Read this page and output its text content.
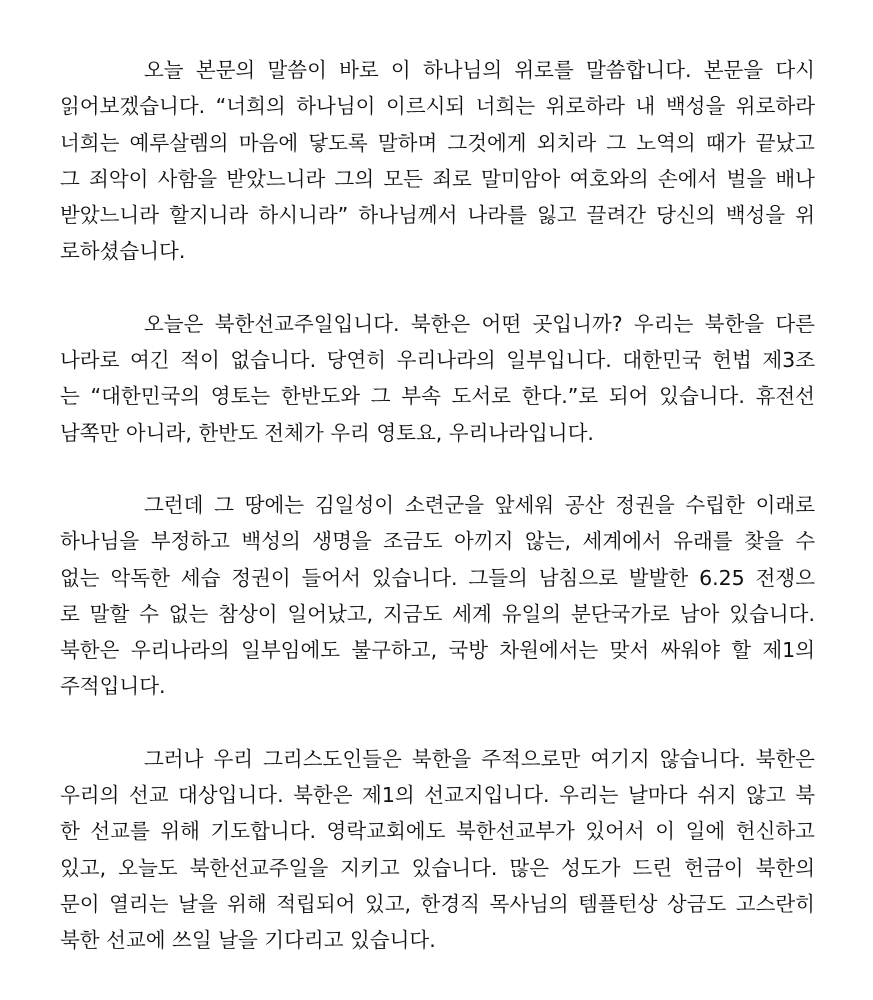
오늘 본문의 말씀이 바로 이 하나님의 위로를 말씀합니다. 본문을 다시
읽어보겠습니다. “너희의 하나님이 이르시되 너희는 위로하라 내 백성을 위로하라
너희는 예루살렘의 마음에 닿도록 말하며 그것에게 외치라 그 노역의 때가 끝났고
그 죄악이 사함을 받았느니라 그의 모든 죄로 말미암아 여호와의 손에서 벌을 배나
받았느니라 할지니라 하시니라” 하나님께서 나라를 잃고 끌려간 당신의 백성을 위
로하셨습니다.
오늘은 북한선교주일입니다. 북한은 어떤 곳입니까? 우리는 북한을 다른
나라로 여긴 적이 없습니다. 당연히 우리나라의 일부입니다. 대한민국 헌법 제3조
는 “대한민국의 영토는 한반도와 그 부속 도서로 한다.”로 되어 있습니다. 휴전선
남쪽만 아니라, 한반도 전체가 우리 영토요, 우리나라입니다.
그런데 그 땅에는 김일성이 소련군을 앞세워 공산 정권을 수립한 이래로
하나님을 부정하고 백성의 생명을 조금도 아끼지 않는, 세계에서 유래를 찾을 수
없는 악독한 세습 정권이 들어서 있습니다. 그들의 남침으로 발발한 6.25 전쟁으
로 말할 수 없는 참상이 일어났고, 지금도 세계 유일의 분단국가로 남아 있습니다.
북한은 우리나라의 일부임에도 불구하고, 국방 차원에서는 맞서 싸워야 할 제1의
주적입니다.
그러나 우리 그리스도인들은 북한을 주적으로만 여기지 않습니다. 북한은
우리의 선교 대상입니다. 북한은 제1의 선교지입니다. 우리는 날마다 쉬지 않고 북
한 선교를 위해 기도합니다. 영락교회에도 북한선교부가 있어서 이 일에 헌신하고
있고, 오늘도 북한선교주일을 지키고 있습니다. 많은 성도가 드린 헌금이 북한의
문이 열리는 날을 위해 적립되어 있고, 한경직 목사님의 템플턴상 상금도 고스란히
북한 선교에 쓰일 날을 기다리고 있습니다.
